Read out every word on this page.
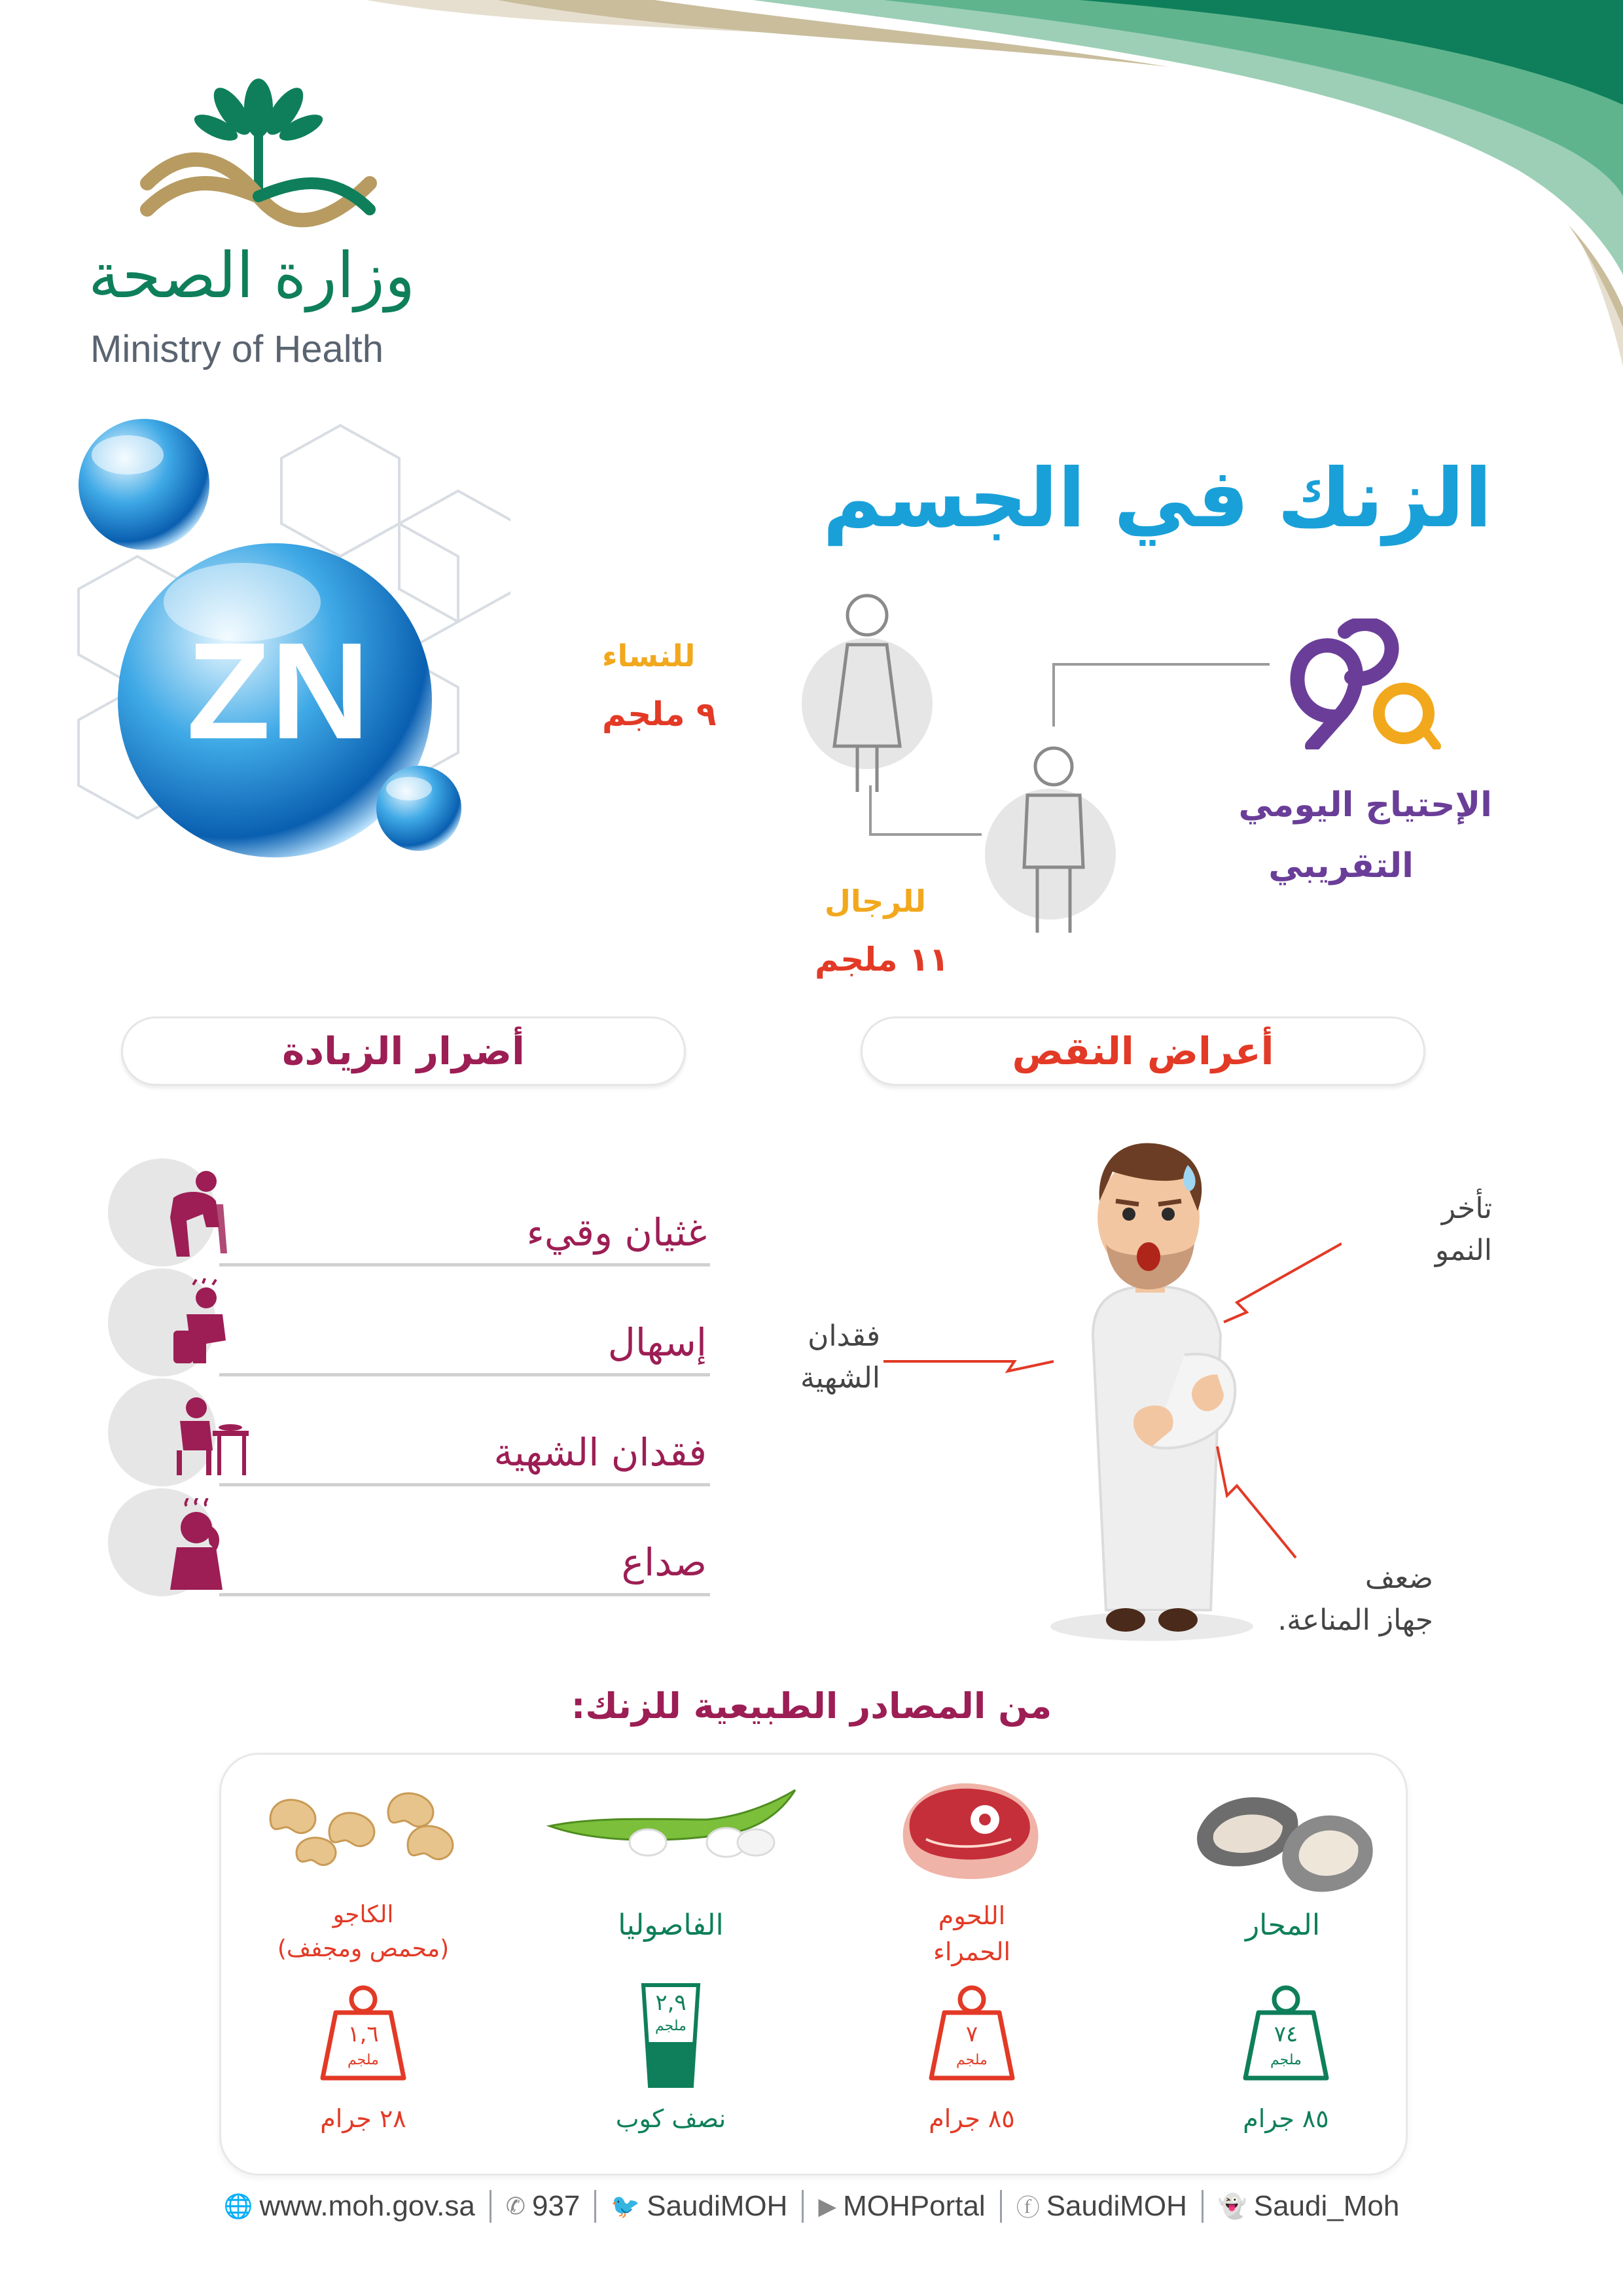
وزارة الصحة
Ministry of Health
ZN
الزنك في الجسم
الإحتياج اليومي
التقريبي
للنساء
٩ ملجم
للرجال
١١ ملجم
أعراض النقص
أضرار الزيادة
غثيان وقيء
إسهال
فقدان الشهية
صداع
تأخر
النمو
فقدان
الشهية
ضعف
جهاز المناعة.
من المصادر الطبيعية للزنك:
المحار
٧٤
ملجم
٨٥ جرام
اللحوم
الحمراء
٧
ملجم
٨٥ جرام
الفاصوليا
٢,٩
ملجم
نصف كوب
الكاجو
(محمص ومجفف)
١,٦
ملجم
٢٨ جرام
🌐 www.moh.gov.sa ✆ 937 🐦 SaudiMOH ▶ MOHPortal ⓕ SaudiMOH 👻 Saudi_Moh
